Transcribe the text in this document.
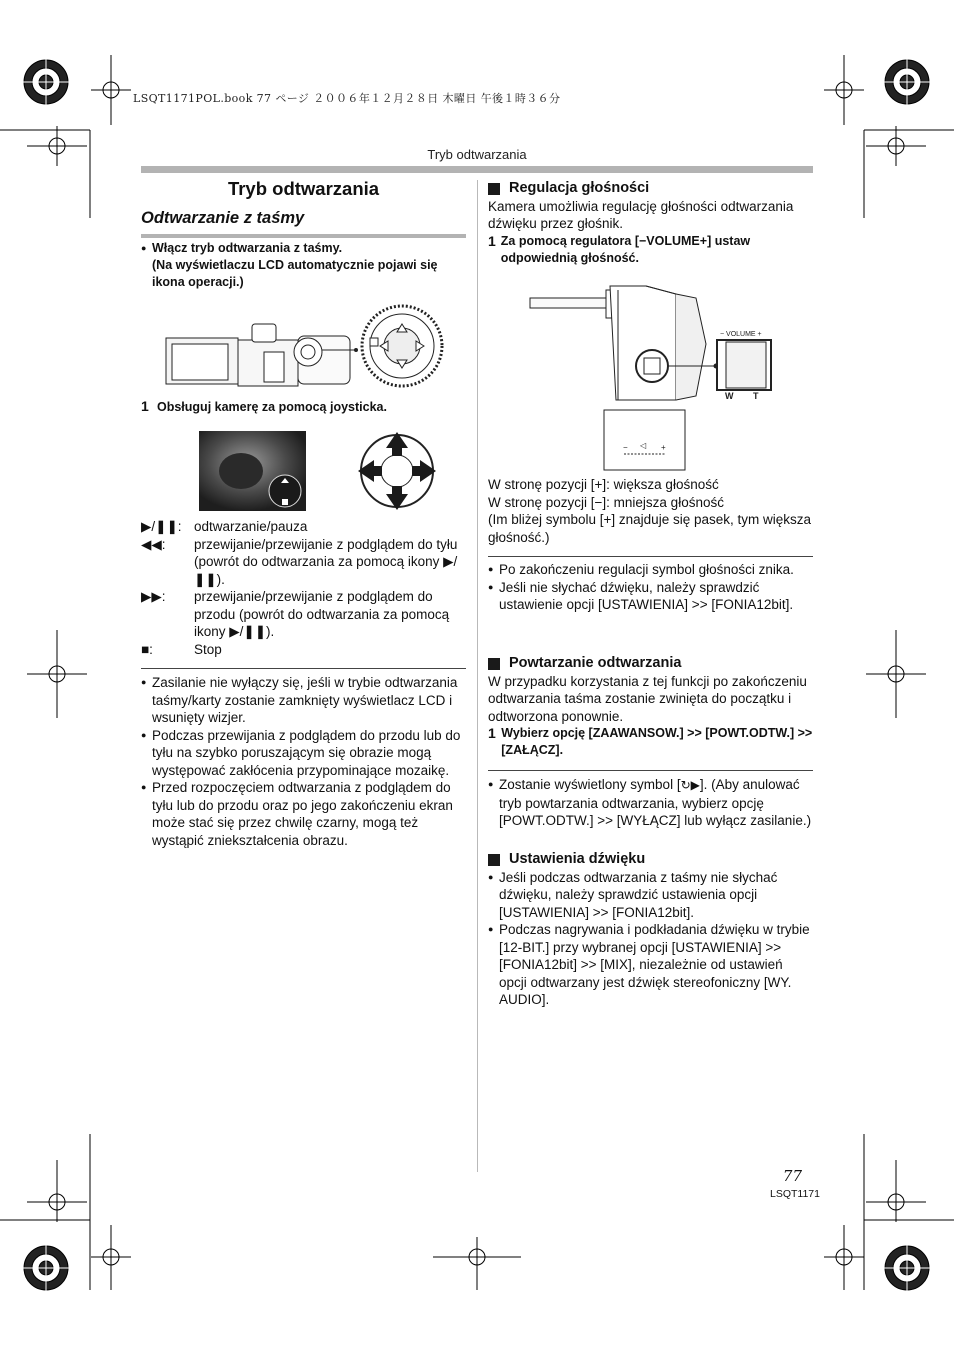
LSQT1171POL.book 77 ページ ２００６年１２月２８日 木曜日 午後１時３６分
Tryb odtwarzania
Tryb odtwarzania
Odtwarzanie z taśmy
● Włącz tryb odtwarzania z taśmy.
(Na wyświetlaczu LCD automatycznie pojawi się ikona operacji.)
1 Obsługuj kamerę za pomocą joysticka.
▶/❚❚: odtwarzanie/pauza
◀◀:	przewijanie/przewijanie z podglądem do tyłu (powrót do odtwarzania za pomocą ikony ▶/❚❚).
▶▶:	przewijanie/przewijanie z podglądem do przodu (powrót do odtwarzania za pomocą ikony ▶/❚❚).
■:	Stop
● Zasilanie nie wyłączy się, jeśli w trybie odtwarzania taśmy/karty zostanie zamknięty wyświetlacz LCD i wsunięty wizjer.
● Podczas przewijania z podglądem do przodu lub do tyłu na szybko poruszającym się obrazie mogą występować zakłócenia przypominające mozaikę.
● Przed rozpoczęciem odtwarzania z podglądem do tyłu lub do przodu oraz po jego zakończeniu ekran może stać się przez chwilę czarny, mogą też wystąpić zniekształcenia obrazu.
Regulacja głośności
Kamera umożliwia regulację głośności odtwarzania dźwięku przez głośnik.
1 Za pomocą regulatora [−VOLUME+] ustaw odpowiednią głośność.
− VOLUME +
W T
− ◁ +
W stronę pozycji [+]: większa głośność
W stronę pozycji [−]: mniejsza głośność
(Im bliżej symbolu [+] znajduje się pasek, tym większa głośność.)
● Po zakończeniu regulacji symbol głośności znika.
● Jeśli nie słychać dźwięku, należy sprawdzić ustawienie opcji [USTAWIENIA] >> [FONIA12bit].
Powtarzanie odtwarzania
W przypadku korzystania z tej funkcji po zakończeniu odtwarzania taśma zostanie zwinięta do początku i odtworzona ponownie.
1 Wybierz opcję [ZAAWANSOW.] >> [POWT.ODTW.] >> [ZAŁĄCZ].
● Zostanie wyświetlony symbol [↻▶]. (Aby anulować tryb powtarzania odtwarzania, wybierz opcję [POWT.ODTW.] >> [WYŁĄCZ] lub wyłącz zasilanie.)
Ustawienia dźwięku
● Jeśli podczas odtwarzania z taśmy nie słychać dźwięku, należy sprawdzić ustawienia opcji [USTAWIENIA] >> [FONIA12bit].
● Podczas nagrywania i podkładania dźwięku w trybie [12-BIT.] przy wybranej opcji [USTAWIENIA] >> [FONIA12bit] >> [MIX], niezależnie od ustawień opcji odtwarzany jest dźwięk stereofoniczny [WY. AUDIO].
77
LSQT1171
